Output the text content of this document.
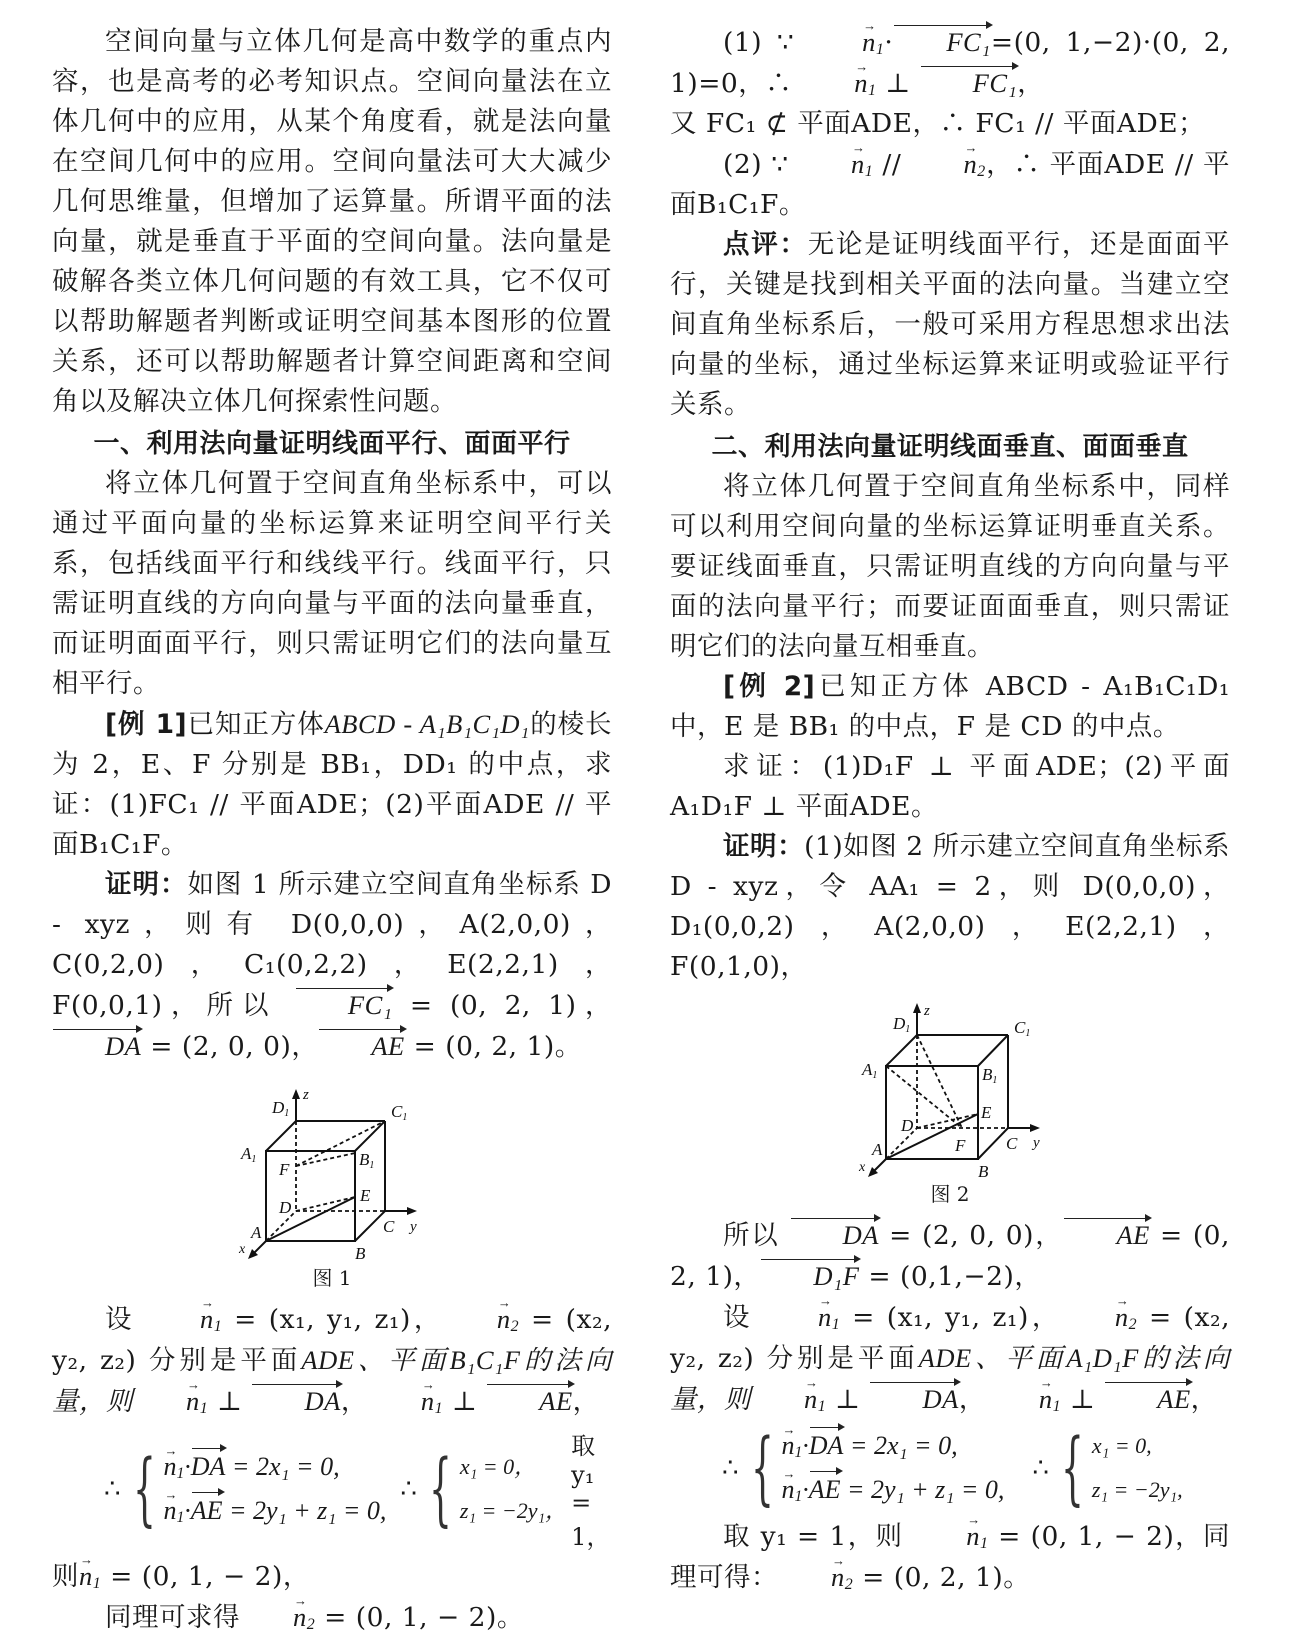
空间向量与立体几何是高中数学的重点内容，也是高考的必考知识点。空间向量法在立体几何中的应用，从某个角度看，就是法向量在空间几何中的应用。空间向量法可大大减少几何思维量，但增加了运算量。所谓平面的法向量，就是垂直于平面的空间向量。法向量是破解各类立体几何问题的有效工具，它不仅可以帮助解题者判断或证明空间基本图形的位置关系，还可以帮助解题者计算空间距离和空间角以及解决立体几何探索性问题。

一、利用法向量证明线面平行、面面平行

将立体几何置于空间直角坐标系中，可以通过平面向量的坐标运算来证明空间平行关系，包括线面平行和线线平行。线面平行，只需证明直线的方向向量与平面的法向量垂直，而证明面面平行，则只需证明它们的法向量互相平行。

[例 1]已知正方体ABCD - A₁B₁C₁D₁的棱长为 2，E、F 分别是 BB₁，DD₁ 的中点，求证：(1)FC₁ // 平面ADE；(2)平面ADE // 平面B₁C₁F。

证明：如图 1 所示建立空间直角坐标系 D - xyz，则有 D(0,0,0)，A(2,0,0)，C(0,2,0)，C₁(0,2,2)，E(2,2,1)，F(0,0,1)，所以	FC₁ = (0, 2, 1)，DA = (2, 0, 0)， AE = (0, 2, 1)。

D1
z
C1
A1	B1
F
E
D
A	C y
B
x
图 1

设 → $n_1 = (x_1$, y₁, z₁)， → $n_2 = (x_2$, y₂, z₂) 分别是平面ADE、平面B₁C₁F的法向量，则 → $n_1$ ⊥ DA， → $n_1$ ⊥ AE，

∴ { → $n_1\cdot DA = 2x_1 = 0$,
→ $n_1\cdot AE = 2y_1 + z_1 = 0$,
∴ { x₁ = 0，
z₁ = −2y₁，
取 y₁ = 1，

则→ $n_1 = (0$, 1, − 2)，

同理可求得 → $n_2 = (0$, 1, − 2)。

(1) ∵ → $n_1\cdot FC_1=(0$, 1,−2)·(0, 2, 1)=0，∴ → $n_1$ ⊥ FC₁，

又 FC₁ ⊄ 平面ADE，∴ FC₁ // 平面ADE；

(2) ∵ → $n_1$ // → $n_2$，∴ 平面ADE // 平面B₁C₁F。

点评：无论是证明线面平行，还是面面平行，关键是找到相关平面的法向量。当建立空间直角坐标系后，一般可采用方程思想求出法向量的坐标，通过坐标运算来证明或验证平行关系。

二、利用法向量证明线面垂直、面面垂直

将立体几何置于空间直角坐标系中，同样可以利用空间向量的坐标运算证明垂直关系。要证线面垂直，只需证明直线的方向向量与平面的法向量平行；而要证面面垂直，则只需证明它们的法向量互相垂直。

[例 2]已知正方体 ABCD - A₁B₁C₁D₁ 中，E 是 BB₁ 的中点，F 是 CD 的中点。

求证：(1)D₁F ⊥ 平面ADE；(2)平面A₁D₁F ⊥ 平面ADE。

证明：(1)如图 2 所示建立空间直角坐标系 D - xyz，令 AA₁ = 2，则 D(0,0,0)，D₁(0,0,2)，A(2,0,0)，E(2,2,1)，F(0,1,0)，

D1
z
C1
A1	B1
E
D
F
A	C y
B
x
图 2

所以 DA = (2, 0, 0)， AE = (0, 2, 1)， D₁F = (0,1,−2)，

设 → $n_1 = (x_1$, y₁, z₁)， → $n_2 = (x_2$, y₂, z₂) 分别是平面ADE、平面A₁D₁F的法向量，则 → $n_1$ ⊥ DA， → $n_1$ ⊥ AE，

∴ { → $n_1\cdot DA = 2x_1 = 0$,
→ $n_1\cdot AE = 2y_1 + z_1 = 0$,
∴ { x₁ = 0,
z₁ = −2y₁,

取 y₁ = 1，则 → $n_1 = (0$, 1, − 2)，同理可得： → $n_2 = (0$, 2, 1)。
